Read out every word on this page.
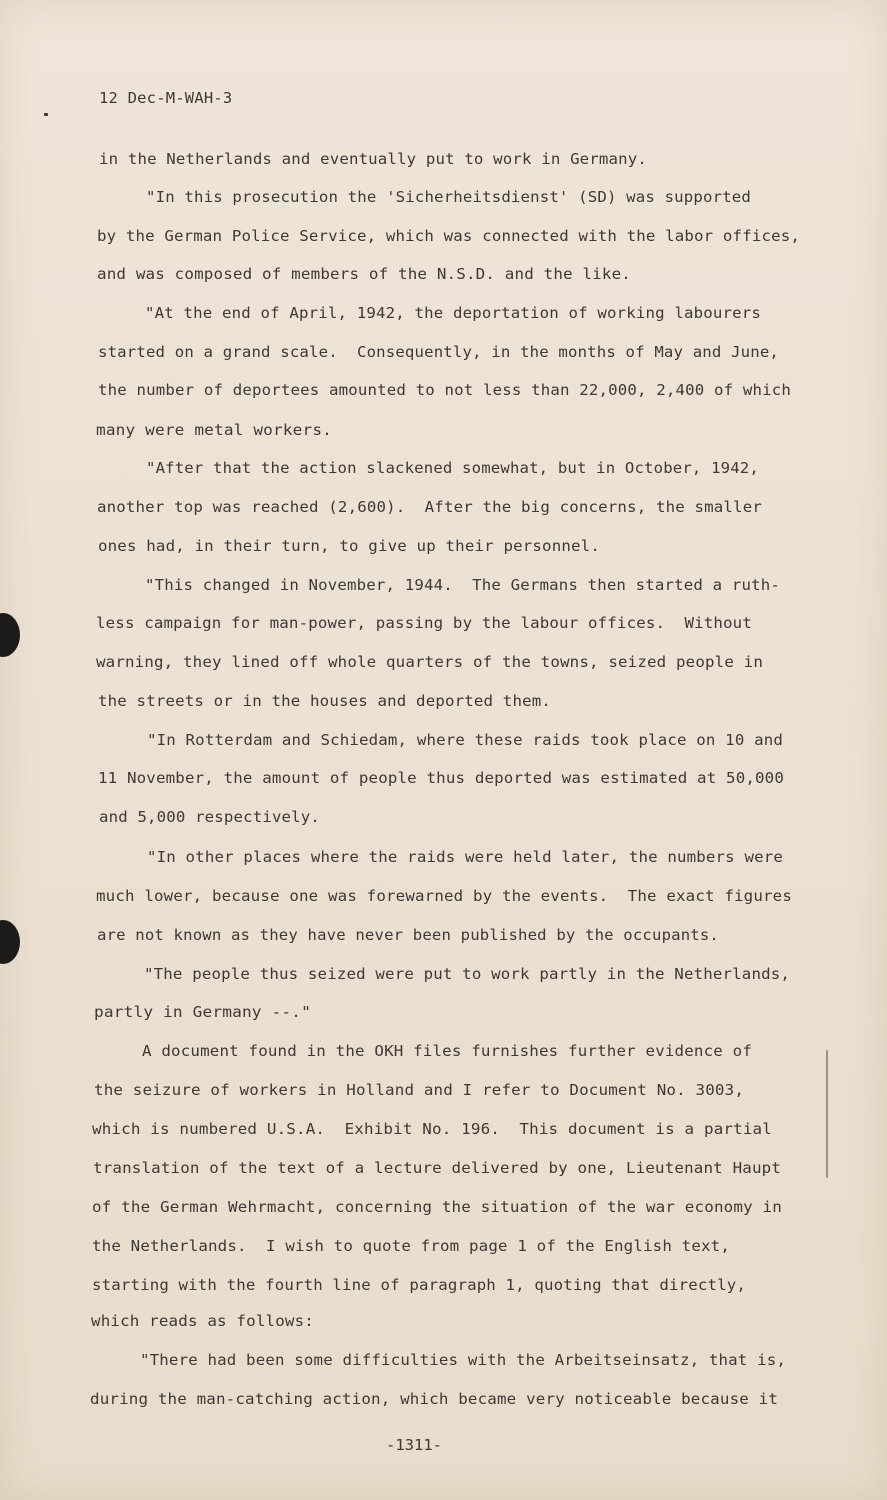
12 Dec-M-WAH-3
in the Netherlands and eventually put to work in Germany.
"In this prosecution the 'Sicherheitsdienst' (SD) was supported
by the German Police Service, which was connected with the labor offices,
and was composed of members of the N.S.D. and the like.
"At the end of April, 1942, the deportation of working labourers
started on a grand scale.  Consequently, in the months of May and June,
the number of deportees amounted to not less than 22,000, 2,400 of which
many were metal workers.
"After that the action slackened somewhat, but in October, 1942,
another top was reached (2,600).  After the big concerns, the smaller
ones had, in their turn, to give up their personnel.
"This changed in November, 1944.  The Germans then started a ruth-
less campaign for man-power, passing by the labour offices.  Without
warning, they lined off whole quarters of the towns, seized people in
the streets or in the houses and deported them.
"In Rotterdam and Schiedam, where these raids took place on 10 and
11 November, the amount of people thus deported was estimated at 50,000
and 5,000 respectively.
"In other places where the raids were held later, the numbers were
much lower, because one was forewarned by the events.  The exact figures
are not known as they have never been published by the occupants.
"The people thus seized were put to work partly in the Netherlands,
partly in Germany --."
A document found in the OKH files furnishes further evidence of
the seizure of workers in Holland and I refer to Document No. 3003,
which is numbered U.S.A.  Exhibit No. 196.  This document is a partial
translation of the text of a lecture delivered by one, Lieutenant Haupt
of the German Wehrmacht, concerning the situation of the war economy in
the Netherlands.  I wish to quote from page 1 of the English text,
starting with the fourth line of paragraph 1, quoting that directly,
which reads as follows:
"There had been some difficulties with the Arbeitseinsatz, that is,
during the man-catching action, which became very noticeable because it
-1311-
